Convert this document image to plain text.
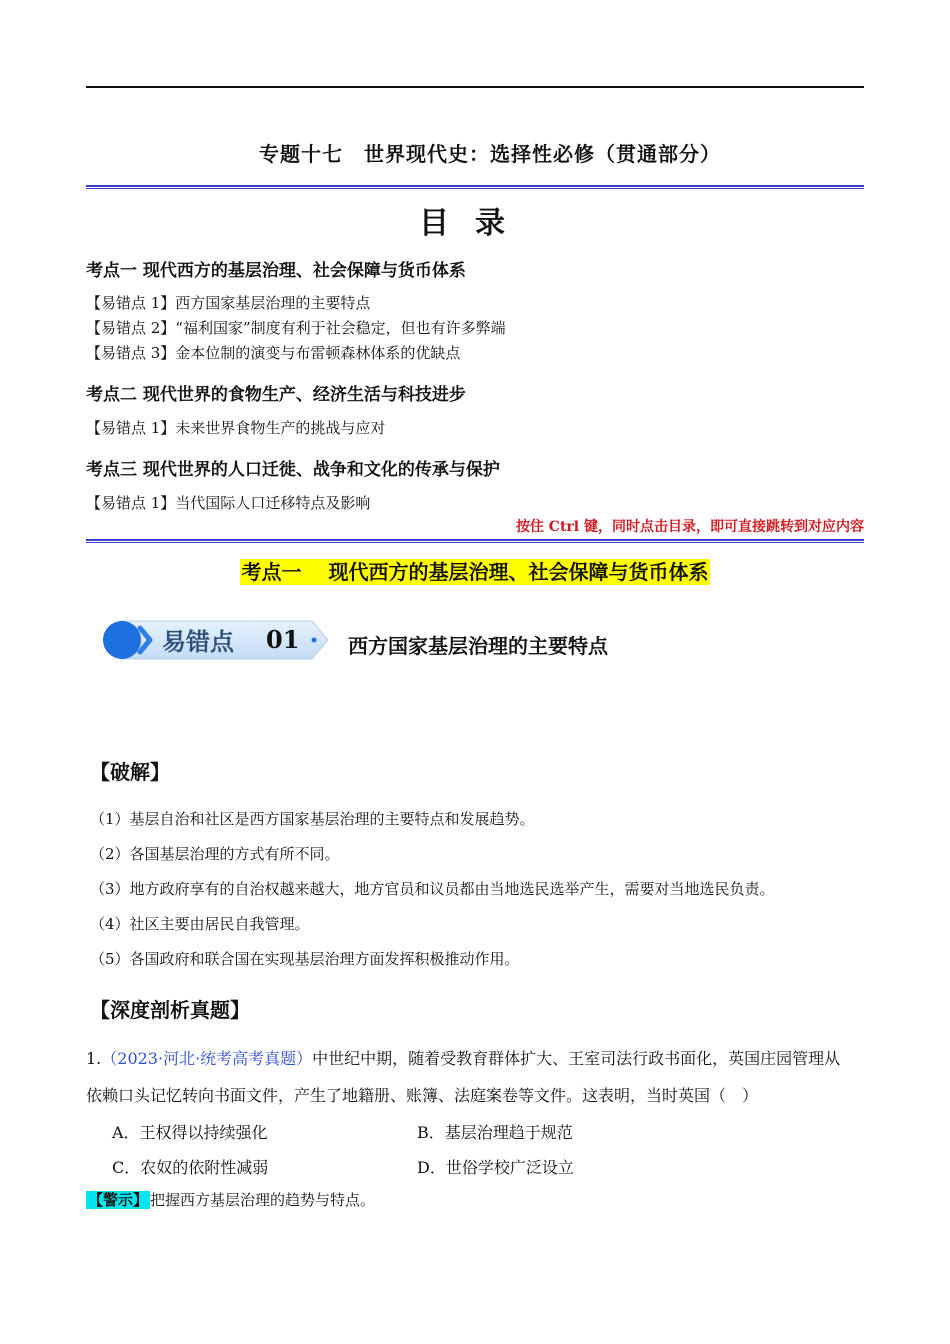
专题十七　世界现代史：选择性必修（贯通部分）
目录
考点一 现代西方的基层治理、社会保障与货币体系
【易错点 1】西方国家基层治理的主要特点
【易错点 2】“福利国家”制度有利于社会稳定，但也有许多弊端
【易错点 3】金本位制的演变与布雷顿森林体系的优缺点
考点二 现代世界的食物生产、经济生活与科技进步
【易错点 1】未来世界食物生产的挑战与应对
考点三 现代世界的人口迁徙、战争和文化的传承与保护
【易错点 1】当代国际人口迁移特点及影响
按住 Ctrl 键，同时点击目录，即可直接跳转到对应内容
考点一　 现代西方的基层治理、社会保障与货币体系
易错点 01 西方国家基层治理的主要特点
【破解】
（1）基层自治和社区是西方国家基层治理的主要特点和发展趋势。
（2）各国基层治理的方式有所不同。
（3）地方政府享有的自治权越来越大，地方官员和议员都由当地选民选举产生，需要对当地选民负责。
（4）社区主要由居民自我管理。
（5）各国政府和联合国在实现基层治理方面发挥积极推动作用。
【深度剖析真题】
1.（2023·河北·统考高考真题）中世纪中期，随着受教育群体扩大、王室司法行政书面化，英国庄园管理从
依赖口头记忆转向书面文件，产生了地籍册、账簿、法庭案卷等文件。这表明，当时英国（　）
A．王权得以持续强化	B．基层治理趋于规范
C．农奴的依附性减弱	D．世俗学校广泛设立
【警示】 把握西方基层治理的趋势与特点。
